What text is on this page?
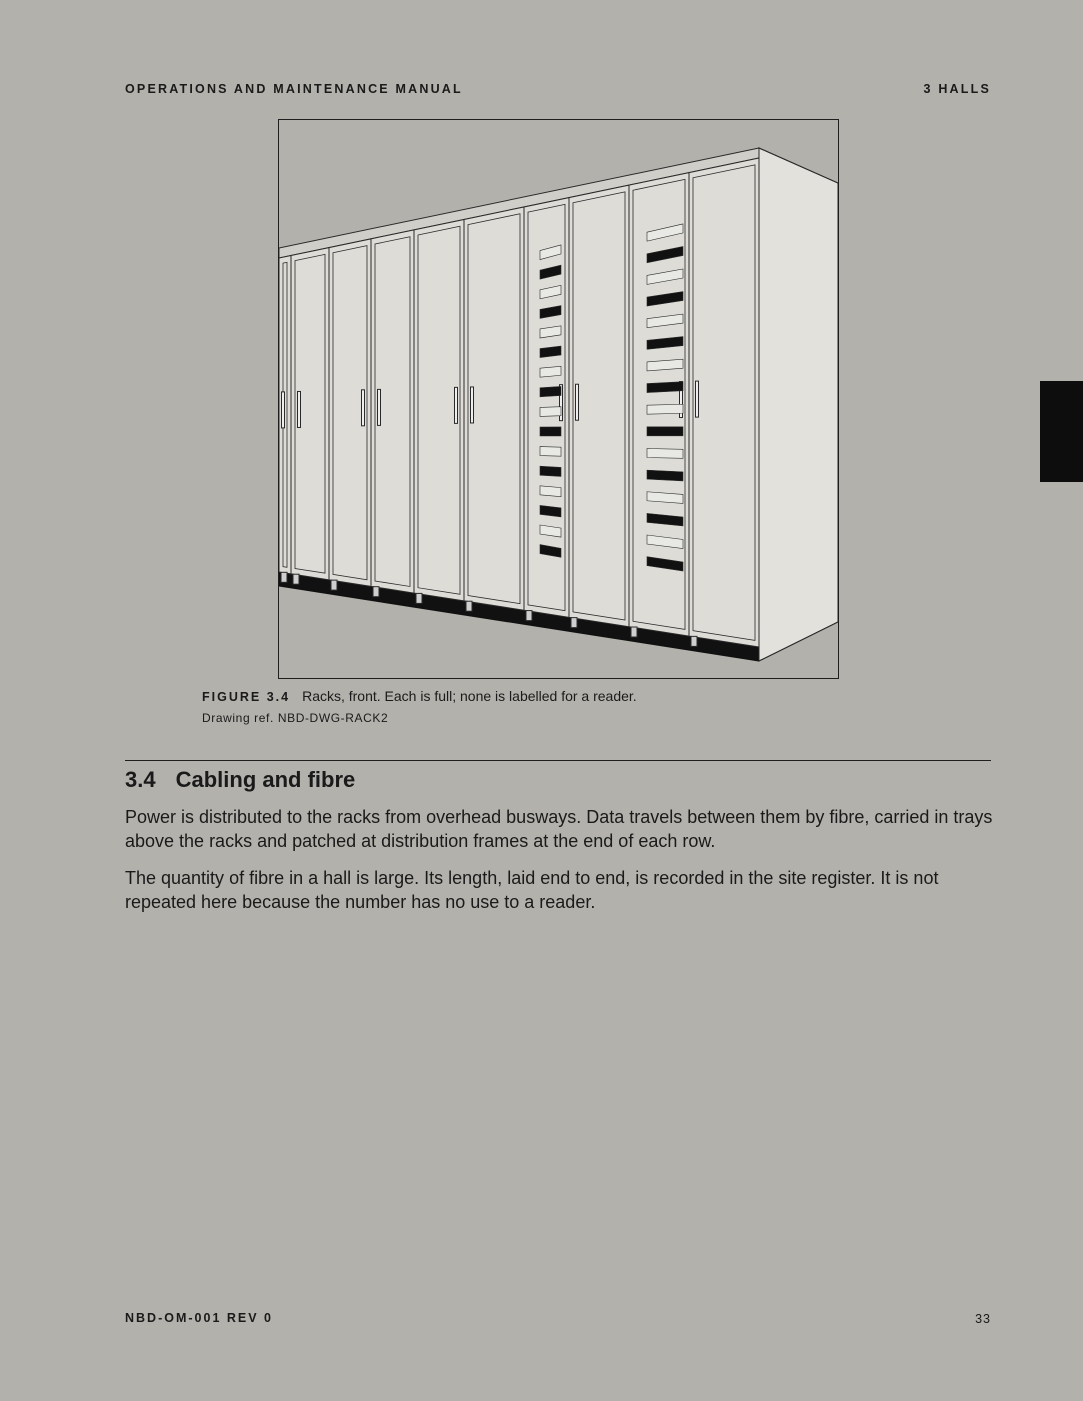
OPERATIONS AND MAINTENANCE MANUAL	3 HALLS
FIGURE 3.4 Racks, front. Each is full; none is labelled for a reader.
Drawing ref. NBD-DWG-RACK2
3.4 Cabling and fibre

Power is distributed to the racks from overhead busways. Data travels between them by fibre, carried in trays above the racks and patched at distribution frames at the end of each row.

The quantity of fibre in a hall is large. Its length, laid end to end, is recorded in the site register. It is not repeated here because the number has no use to a reader.

NBD-OM-001 REV 0	33
